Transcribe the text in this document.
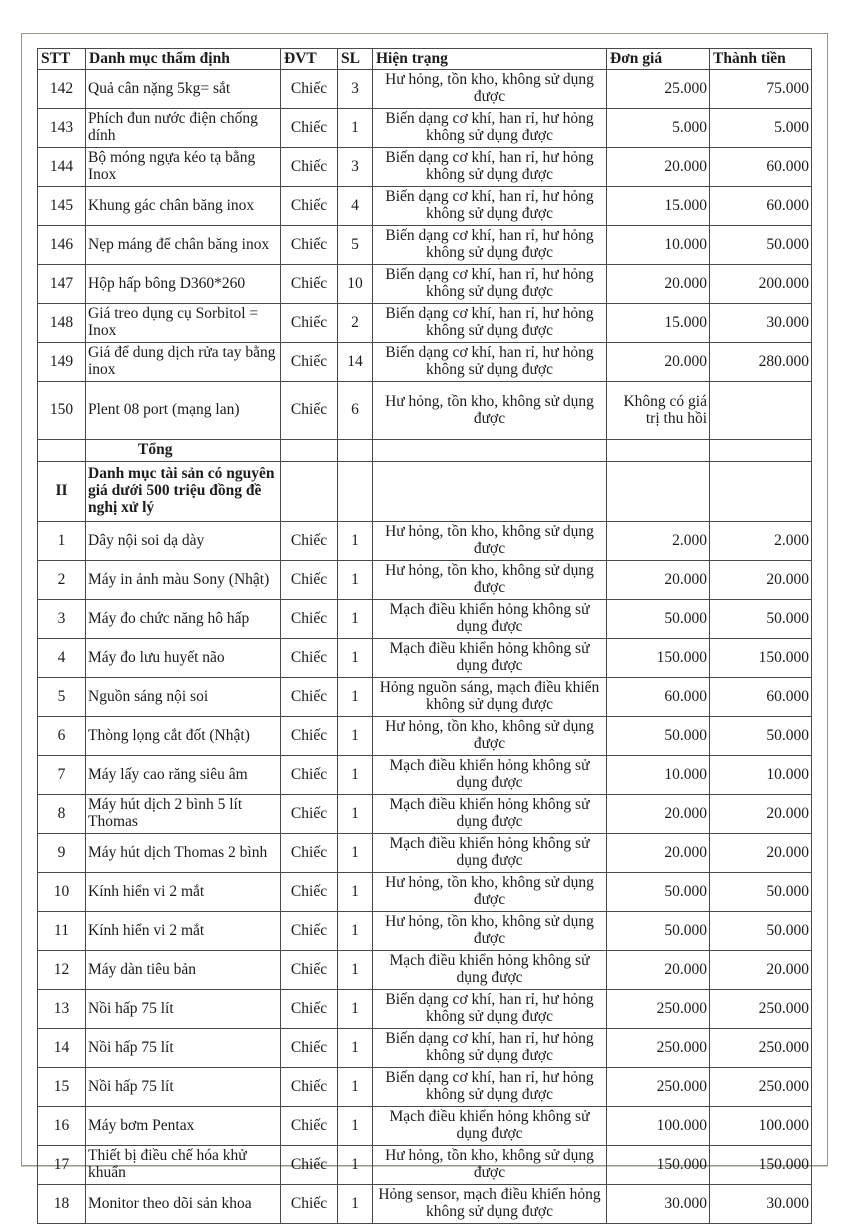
STT	Danh mục thẩm định	ĐVT	SL	Hiện trạng	Đơn giá	Thành tiền
142	Quả cân nặng 5kg= sắt	Chiếc	3	Hư hỏng, tồn kho, không sử dụng được	25.000	75.000
143	Phích đun nước điện chống dính	Chiếc	1	Biến dạng cơ khí, han rỉ, hư hỏng không sử dụng được	5.000	5.000
144	Bộ móng ngựa kéo tạ bằng Inox	Chiếc	3	Biến dạng cơ khí, han rỉ, hư hỏng không sử dụng được	20.000	60.000
145	Khung gác chân băng inox	Chiếc	4	Biến dạng cơ khí, han rỉ, hư hỏng không sử dụng được	15.000	60.000
146	Nẹp máng để chân băng inox	Chiếc	5	Biến dạng cơ khí, han rỉ, hư hỏng không sử dụng được	10.000	50.000
147	Hộp hấp bông D360*260	Chiếc	10	Biến dạng cơ khí, han rỉ, hư hỏng không sử dụng được	20.000	200.000
148	Giá treo dụng cụ Sorbitol = Inox	Chiếc	2	Biến dạng cơ khí, han rỉ, hư hỏng không sử dụng được	15.000	30.000
149	Giá để dung dịch rửa tay bằng inox	Chiếc	14	Biến dạng cơ khí, han rỉ, hư hỏng không sử dụng được	20.000	280.000
150	Plent 08 port (mạng lan)	Chiếc	6	Hư hỏng, tồn kho, không sử dụng được	Không có giá trị thu hồi	
	Tổng					
II	Danh mục tài sản có nguyên giá dưới 500 triệu đồng đề nghị xử lý					
1	Dây nội soi dạ dày	Chiếc	1	Hư hỏng, tồn kho, không sử dụng được	2.000	2.000
2	Máy in ảnh màu Sony (Nhật)	Chiếc	1	Hư hỏng, tồn kho, không sử dụng được	20.000	20.000
3	Máy đo chức năng hô hấp	Chiếc	1	Mạch điều khiển hỏng không sử dụng được	50.000	50.000
4	Máy đo lưu huyết não	Chiếc	1	Mạch điều khiển hỏng không sử dụng được	150.000	150.000
5	Nguồn sáng nội soi	Chiếc	1	Hỏng nguồn sáng, mạch điều khiển không sử dụng được	60.000	60.000
6	Thòng lọng cắt đốt (Nhật)	Chiếc	1	Hư hỏng, tồn kho, không sử dụng được	50.000	50.000
7	Máy lấy cao răng siêu âm	Chiếc	1	Mạch điều khiển hỏng không sử dụng được	10.000	10.000
8	Máy hút dịch 2 bình 5 lít Thomas	Chiếc	1	Mạch điều khiển hỏng không sử dụng được	20.000	20.000
9	Máy hút dịch Thomas 2 bình	Chiếc	1	Mạch điều khiển hỏng không sử dụng được	20.000	20.000
10	Kính hiển vi 2 mắt	Chiếc	1	Hư hỏng, tồn kho, không sử dụng được	50.000	50.000
11	Kính hiển vi 2 mắt	Chiếc	1	Hư hỏng, tồn kho, không sử dụng được	50.000	50.000
12	Máy dàn tiêu bản	Chiếc	1	Mạch điều khiển hỏng không sử dụng được	20.000	20.000
13	Nồi hấp 75 lít	Chiếc	1	Biến dạng cơ khí, han rỉ, hư hỏng không sử dụng được	250.000	250.000
14	Nồi hấp 75 lít	Chiếc	1	Biến dạng cơ khí, han rỉ, hư hỏng không sử dụng được	250.000	250.000
15	Nồi hấp 75 lít	Chiếc	1	Biến dạng cơ khí, han rỉ, hư hỏng không sử dụng được	250.000	250.000
16	Máy bơm Pentax	Chiếc	1	Mạch điều khiển hỏng không sử dụng được	100.000	100.000
17	Thiết bị điều chế hóa khử khuẩn	Chiếc	1	Hư hỏng, tồn kho, không sử dụng được	150.000	150.000
18	Monitor theo dõi sản khoa	Chiếc	1	Hỏng sensor, mạch điều khiển hỏng không sử dụng được	30.000	30.000
